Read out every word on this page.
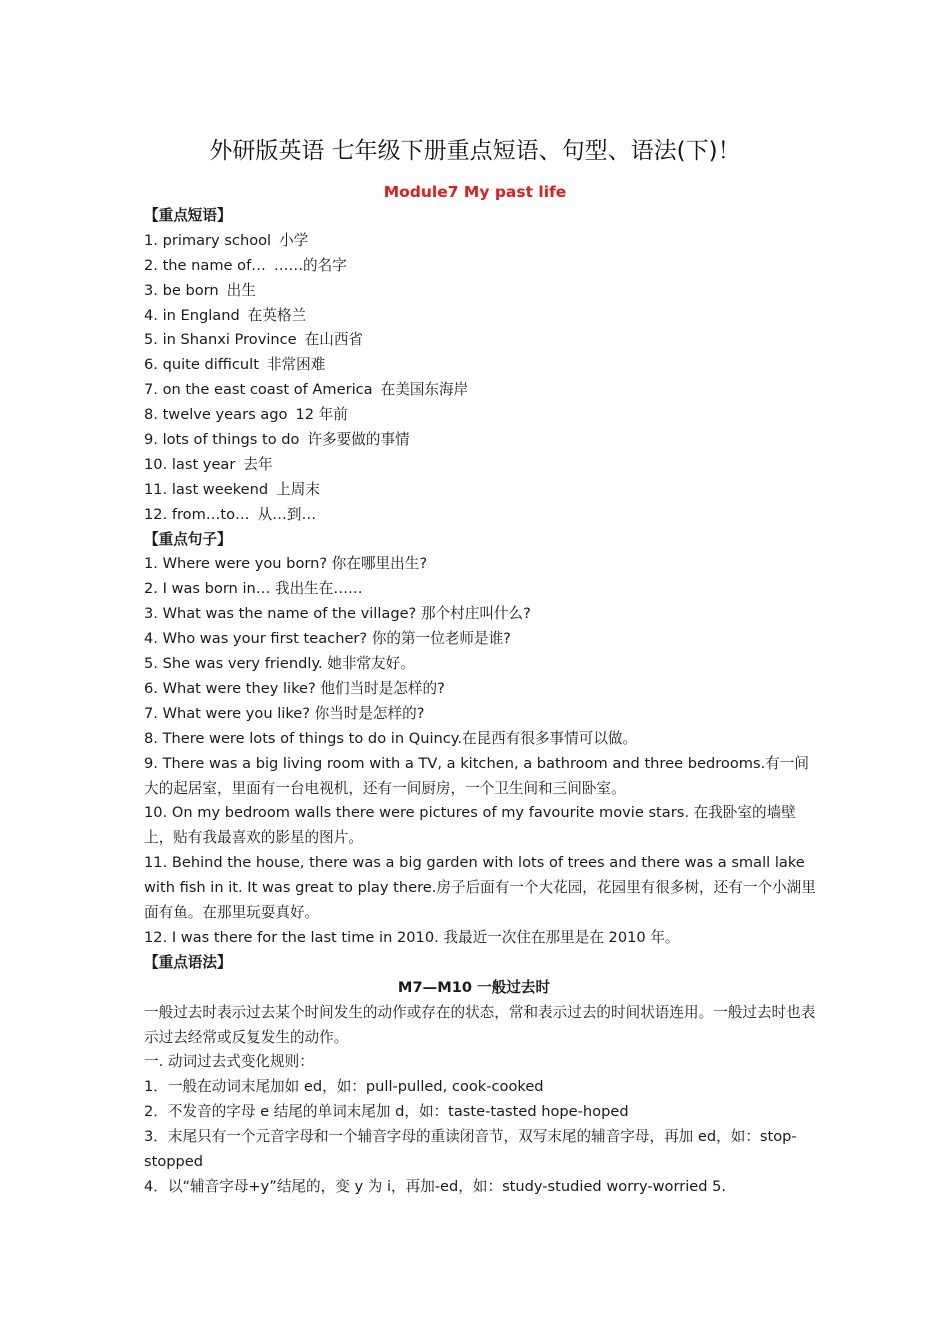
外研版英语 七年级下册重点短语、句型、语法(下)！
Module7 My past life
【重点短语】
1. primary school 小学
2. the name of… ……的名字
3. be born 出生
4. in England 在英格兰
5. in Shanxi Province 在山西省
6. quite difficult 非常困难
7. on the east coast of America 在美国东海岸
8. twelve years ago 12 年前
9. lots of things to do 许多要做的事情
10. last year 去年
11. last weekend 上周末
12. from…to… 从…到…
【重点句子】
1. Where were you born? 你在哪里出生?
2. I was born in… 我出生在……
3. What was the name of the village? 那个村庄叫什么?
4. Who was your first teacher? 你的第一位老师是谁?
5. She was very friendly. 她非常友好。
6. What were they like? 他们当时是怎样的?
7. What were you like? 你当时是怎样的?
8. There were lots of things to do in Quincy.在昆西有很多事情可以做。
9. There was a big living room with a TV, a kitchen, a bathroom and three bedrooms.有一间大的起居室，里面有一台电视机，还有一间厨房，一个卫生间和三间卧室。
10. On my bedroom walls there were pictures of my favourite movie stars. 在我卧室的墙壁上，贴有我最喜欢的影星的图片。
11. Behind the house, there was a big garden with lots of trees and there was a small lake with fish in it. It was great to play there.房子后面有一个大花园，花园里有很多树，还有一个小湖里面有鱼。在那里玩耍真好。
12. I was there for the last time in 2010. 我最近一次住在那里是在 2010 年。
【重点语法】
M7—M10 一般过去时
一般过去时表示过去某个时间发生的动作或存在的状态，常和表示过去的时间状语连用。一般过去时也表示过去经常或反复发生的动作。
一. 动词过去式变化规则：
1．一般在动词末尾加如 ed，如：pull-pulled, cook-cooked
2．不发音的字母 e 结尾的单词末尾加 d，如：taste-tasted hope-hoped
3．末尾只有一个元音字母和一个辅音字母的重读闭音节，双写末尾的辅音字母，再加 ed，如：stop-stopped
4．以“辅音字母+y”结尾的，变 y 为 i，再加-ed，如：study-studied worry-worried 5.
